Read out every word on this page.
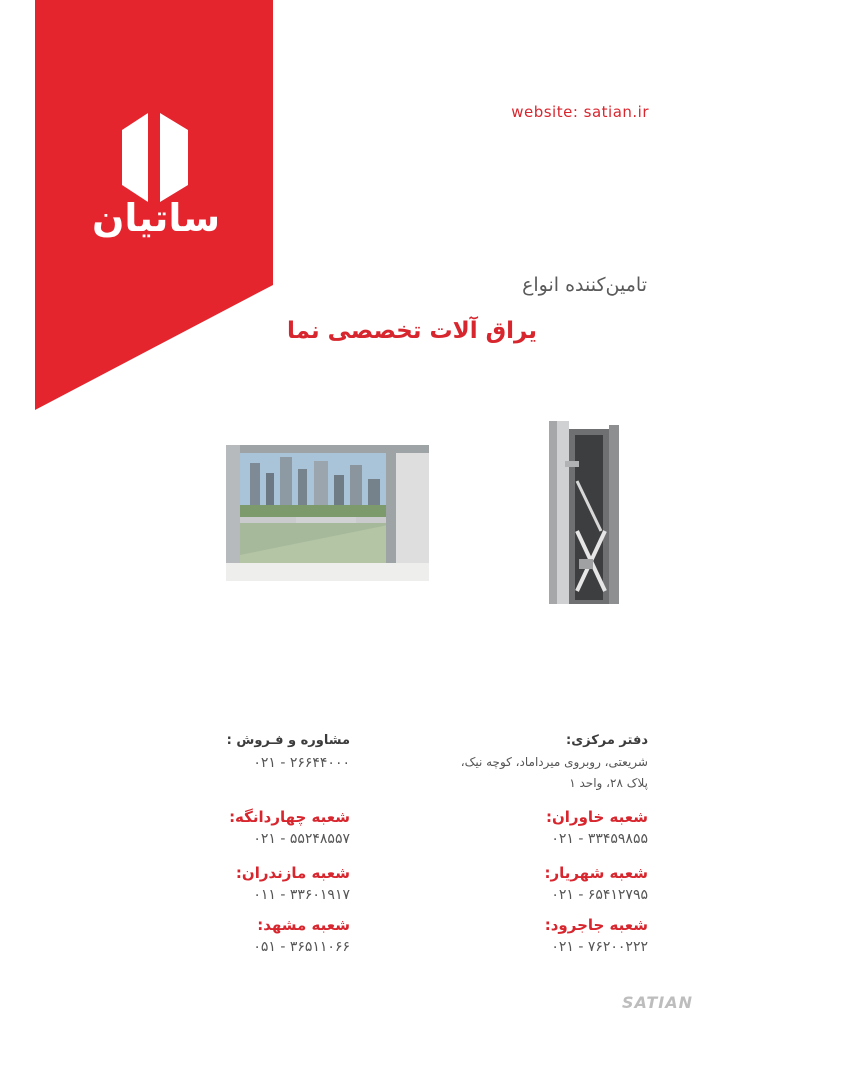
ساتیان
website: satian.ir
تامین‌کننده انواع
یراق آلات تخصصی نما
دفتر مرکزی:
شریعتی، روبروی میرداماد، کوچه نیک،
پلاک ۲۸، واحد ۱
شعبه خاوران:
۰۲۱ - ۳۳۴۵۹۸۵۵
شعبه شهریار:
۰۲۱ - ۶۵۴۱۲۷۹۵
شعبه جاجرود:
۰۲۱ - ۷۶۲۰۰۲۲۲
مشاوره و فـروش :
۰۲۱ - ۲۶۶۴۴۰۰۰
شعبه چهاردانگه:
۰۲۱ - ۵۵۲۴۸۵۵۷
شعبه مازندران:
۰۱۱ - ۳۳۶۰۱۹۱۷
شعبه مشهد:
۰۵۱ - ۳۶۵۱۱۰۶۶
SATIAN
